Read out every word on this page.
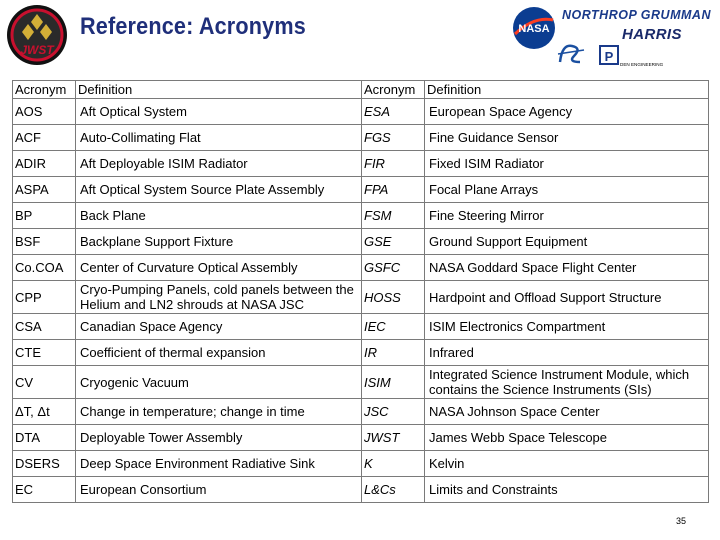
JWST
Reference: Acronyms	NASA
NORTHROP GRUMMAN
HARRIS
P
DEN ENGINEERING
Acronym	Definition	Acronym	Definition
AOS	Aft Optical System	ESA	European Space Agency
ACF	Auto-Collimating Flat	FGS	Fine Guidance Sensor
ADIR	Aft Deployable ISIM Radiator	FIR	Fixed ISIM Radiator
ASPA	Aft Optical System Source Plate Assembly	FPA	Focal Plane Arrays
BP	Back Plane	FSM	Fine Steering Mirror
BSF	Backplane Support Fixture	GSE	Ground Support Equipment
Co.COA	Center of Curvature Optical Assembly	GSFC	NASA Goddard Space Flight Center
CPP	Cryo-Pumping Panels, cold panels between the Helium and LN2 shrouds at NASA JSC	HOSS	Hardpoint and Offload Support Structure
CSA	Canadian Space Agency	IEC	ISIM Electronics Compartment
CTE	Coefficient of thermal expansion	IR	Infrared
CV	Cryogenic Vacuum	ISIM	Integrated Science Instrument Module, which contains the Science Instruments (SIs)
ΔT, Δt	Change in temperature; change in time	JSC	NASA Johnson Space Center
DTA	Deployable Tower Assembly	JWST	James Webb Space Telescope
DSERS	Deep Space Environment Radiative Sink	K	Kelvin
EC	European Consortium	L&Cs	Limits and Constraints
35
